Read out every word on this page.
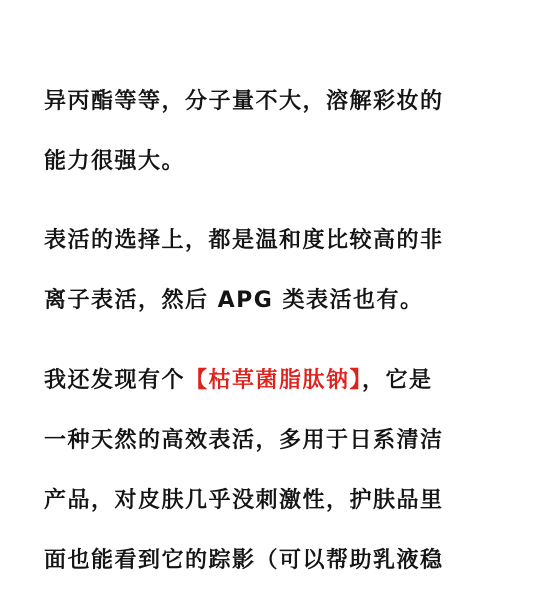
异丙酯等等，分子量不大，溶解彩妆的
能力很强大。

表活的选择上，都是温和度比较高的非
离子表活，然后 APG 类表活也有。

我还发现有个【枯草菌脂肽钠】，它是
一种天然的高效表活，多用于日系清洁
产品，对皮肤几乎没刺激性，护肤品里
面也能看到它的踪影（可以帮助乳液稳
